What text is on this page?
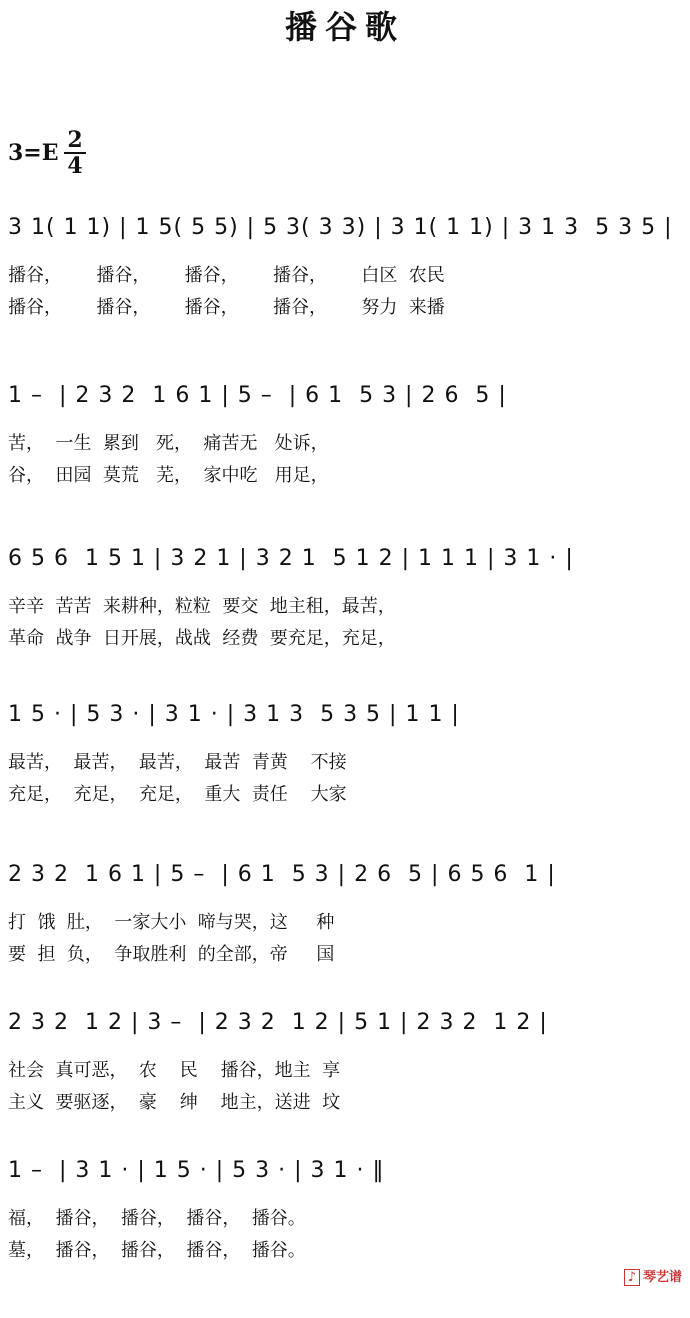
播谷歌
3=E 2
4
3 1( 1 1) | 1 5( 5 5) | 5 3( 3 3) | 3 1( 1 1) | 3 1 3  5 3 5 |
播谷，      播谷，      播谷，      播谷，      白区  农民
播谷，      播谷，      播谷，      播谷，      努力  来播
1 –  | 2 3 2  1 6 1 | 5 –  | 6 1  5 3 | 2 6  5 |
苦，  一生  累到   死，  痛苦无   处诉，
谷，  田园  莫荒   芜，  家中吃   用足，
6 5 6  1 5 1 | 3 2 1 | 3 2 1  5 1 2 | 1 1 1 | 3 1 · |
辛辛  苦苦  来耕种，粒粒  要交  地主租，最苦，
革命  战争  日开展，战战  经费  要充足，充足，
1 5 · | 5 3 · | 3 1 · | 3 1 3  5 3 5 | 1 1 |
最苦，  最苦，  最苦，  最苦  青黄    不接
充足，  充足，  充足，  重大  责任    大家
2 3 2  1 6 1 | 5 –  | 6 1  5 3 | 2 6  5 | 6 5 6  1 |
打  饿  肚，  一家大小  啼与哭，这     种
要  担  负，  争取胜利  的全部，帝     国
2 3 2  1 2 | 3 –  | 2 3 2  1 2 | 5 1 | 2 3 2  1 2 |
社会  真可恶，  农    民    播谷，地主  享
主义  要驱逐，  豪    绅    地主，送进  坟
1 –  | 3 1 · | 1 5 · | 5 3 · | 3 1 · ‖
福，  播谷，  播谷，  播谷，  播谷。
墓，  播谷，  播谷，  播谷，  播谷。
♪ 琴艺谱
